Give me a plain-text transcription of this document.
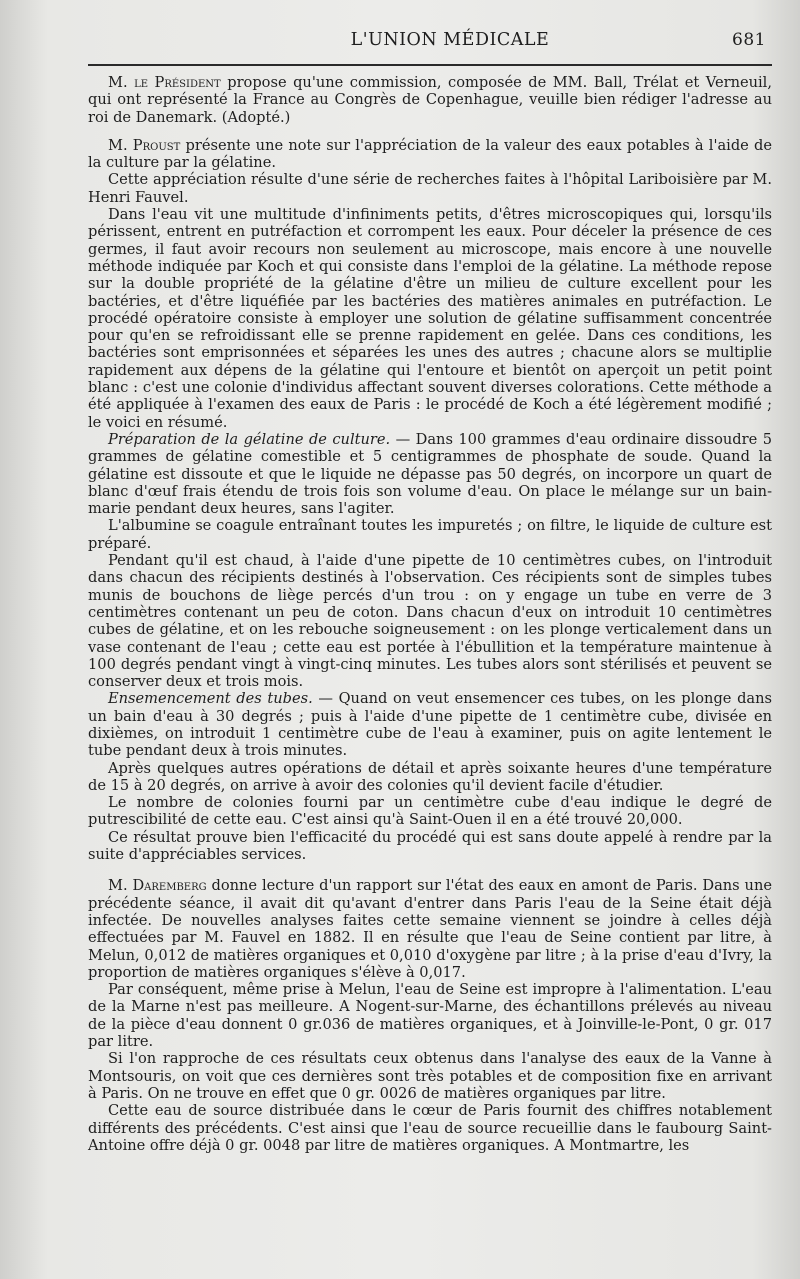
L'UNION MÉDICALE	681

M. le Président propose qu'une commission, composée de MM. Ball, Trélat et Verneuil, qui ont représenté la France au Congrès de Copenhague, veuille bien rédiger l'adresse au roi de Danemark. (Adopté.)

M. Proust présente une note sur l'appréciation de la valeur des eaux potables à l'aide de la culture par la gélatine.

Cette appréciation résulte d'une série de recherches faites à l'hôpital Lariboisière par M. Henri Fauvel.

Dans l'eau vit une multitude d'infiniments petits, d'êtres microscopiques qui, lorsqu'ils périssent, entrent en putréfaction et corrompent les eaux. Pour déceler la présence de ces germes, il faut avoir recours non seulement au microscope, mais encore à une nouvelle méthode indiquée par Koch et qui consiste dans l'emploi de la gélatine. La méthode repose sur la double propriété de la gélatine d'être un milieu de culture excellent pour les bactéries, et d'être liquéfiée par les bactéries des matières animales en putréfaction. Le procédé opératoire consiste à employer une solution de gélatine suffisamment concentrée pour qu'en se refroidissant elle se prenne rapidement en gelée. Dans ces conditions, les bactéries sont emprisonnées et séparées les unes des autres ; chacune alors se multiplie rapidement aux dépens de la gélatine qui l'entoure et bientôt on aperçoit un petit point blanc : c'est une colonie d'individus affectant souvent diverses colorations. Cette méthode a été appliquée à l'examen des eaux de Paris : le procédé de Koch a été légèrement modifié ; le voici en résumé.

Préparation de la gélatine de culture. — Dans 100 grammes d'eau ordinaire dissoudre 5 grammes de gélatine comestible et 5 centigrammes de phosphate de soude. Quand la gélatine est dissoute et que le liquide ne dépasse pas 50 degrés, on incorpore un quart de blanc d'œuf frais étendu de trois fois son volume d'eau. On place le mélange sur un bain-marie pendant deux heures, sans l'agiter.

L'albumine se coagule entraînant toutes les impuretés ; on filtre, le liquide de culture est préparé.

Pendant qu'il est chaud, à l'aide d'une pipette de 10 centimètres cubes, on l'introduit dans chacun des récipients destinés à l'observation. Ces récipients sont de simples tubes munis de bouchons de liège percés d'un trou : on y engage un tube en verre de 3 centimètres contenant un peu de coton. Dans chacun d'eux on introduit 10 centimètres cubes de gélatine, et on les rebouche soigneusement : on les plonge verticalement dans un vase contenant de l'eau ; cette eau est portée à l'ébullition et la température maintenue à 100 degrés pendant vingt à vingt-cinq minutes. Les tubes alors sont stérilisés et peuvent se conserver deux et trois mois.

Ensemencement des tubes. — Quand on veut ensemencer ces tubes, on les plonge dans un bain d'eau à 30 degrés ; puis à l'aide d'une pipette de 1 centimètre cube, divisée en dixièmes, on introduit 1 centimètre cube de l'eau à examiner, puis on agite lentement le tube pendant deux à trois minutes.

Après quelques autres opérations de détail et après soixante heures d'une température de 15 à 20 degrés, on arrive à avoir des colonies qu'il devient facile d'étudier.

Le nombre de colonies fourni par un centimètre cube d'eau indique le degré de putrescibilité de cette eau. C'est ainsi qu'à Saint-Ouen il en a été trouvé 20,000.

Ce résultat prouve bien l'efficacité du procédé qui est sans doute appelé à rendre par la suite d'appréciables services.

M. Dareмberg donne lecture d'un rapport sur l'état des eaux en amont de Paris. Dans une précédente séance, il avait dit qu'avant d'entrer dans Paris l'eau de la Seine était déjà infectée. De nouvelles analyses faites cette semaine viennent se joindre à celles déjà effectuées par M. Fauvel en 1882. Il en résulte que l'eau de Seine contient par litre, à Melun, 0,012 de matières organiques et 0,010 d'oxygène par litre ; à la prise d'eau d'Ivry, la proportion de matières organiques s'élève à 0,017.

Par conséquent, même prise à Melun, l'eau de Seine est impropre à l'alimentation. L'eau de la Marne n'est pas meilleure. A Nogent-sur-Marne, des échantillons prélevés au niveau de la pièce d'eau donnent 0 gr.036 de matières organiques, et à Joinville-le-Pont, 0 gr. 017 par litre.

Si l'on rapproche de ces résultats ceux obtenus dans l'analyse des eaux de la Vanne à Montsouris, on voit que ces dernières sont très potables et de composition fixe en arrivant à Paris. On ne trouve en effet que 0 gr. 0026 de matières organiques par litre.

Cette eau de source distribuée dans le cœur de Paris fournit des chiffres notablement différents des précédents. C'est ainsi que l'eau de source recueillie dans le faubourg Saint-Antoine offre déjà 0 gr. 0048 par litre de matières organiques. A Montmartre, les
